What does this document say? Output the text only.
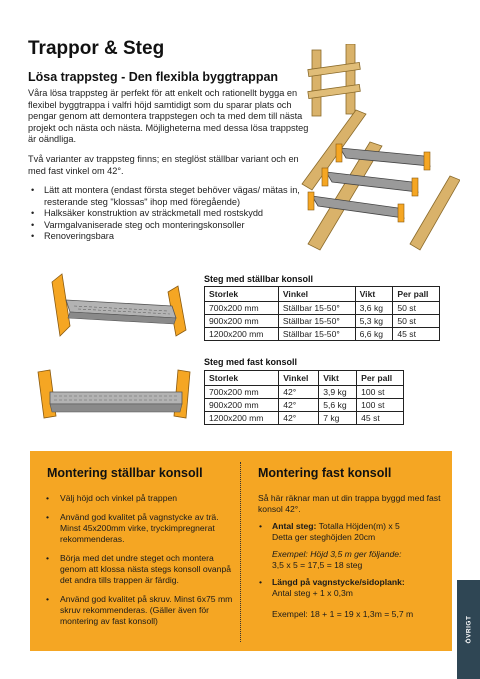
Trappor & Steg
Lösa trappsteg - Den flexibla byggtrappan

Våra lösa trappsteg är perfekt för att enkelt och rationellt bygga en flexibel byggtrappa i valfri höjd samtidigt som du sparar plats och pengar genom att demontera trappstegen och ta med dem till nästa projekt och nästa och nästa. Möjligheterna med dessa lösa trappsteg är oändliga.

Två varianter av trappsteg finns; en steglöst ställbar variant och en med fast vinkel om 42°.

• Lätt att montera (endast första steget behöver vägas/ mätas in, resterande steg "klossas" ihop med föregående)
• Halksäker konstruktion av sträckmetall med rostskydd
• Varmgalvaniserade steg och monteringskonsoller
• Renoveringsbara
Steg med ställbar konsoll
Storlek	Vinkel	Vikt	Per pall
700x200 mm	Ställbar 15-50°	3,6 kg	50 st
900x200 mm	Ställbar 15-50°	5,3 kg	50 st
1200x200 mm	Ställbar 15-50°	6,6 kg	45 st
Steg med fast konsoll
Storlek	Vinkel	Vikt	Per pall
700x200 mm	42°	3,9 kg	100 st
900x200 mm	42°	5,6 kg	100 st
1200x200 mm	42°	7 kg	45 st
Montering ställbar konsoll
• Välj höjd och vinkel på trappen
• Använd god kvalitet på vagnstycke av trä. Minst 45x200mm virke, tryckimpregnerat rekommenderas.
• Börja med det undre steget och montera genom att klossa nästa stegs konsoll ovanpå det andra tills trappen är färdig.
• Använd god kvalitet på skruv. Minst 6x75 mm skruv rekommenderas. (Gäller även för montering av fast konsoll)
Montering fast konsoll

Så här räknar man ut din trappa byggd med fast konsol 42°.

• Antal steg: Totalla Höjden(m) x 5

Detta ger steghöjden 20cm

Exempel: Höjd 3,5 m ger följande:

3,5 x 5 = 17,5 = 18 steg

• Längd på vagnstycke/sidoplank:

Antal steg + 1 x 0,3m

Exempel: 18 + 1 = 19 x 1,3m = 5,7 m

ÖVRIGT
